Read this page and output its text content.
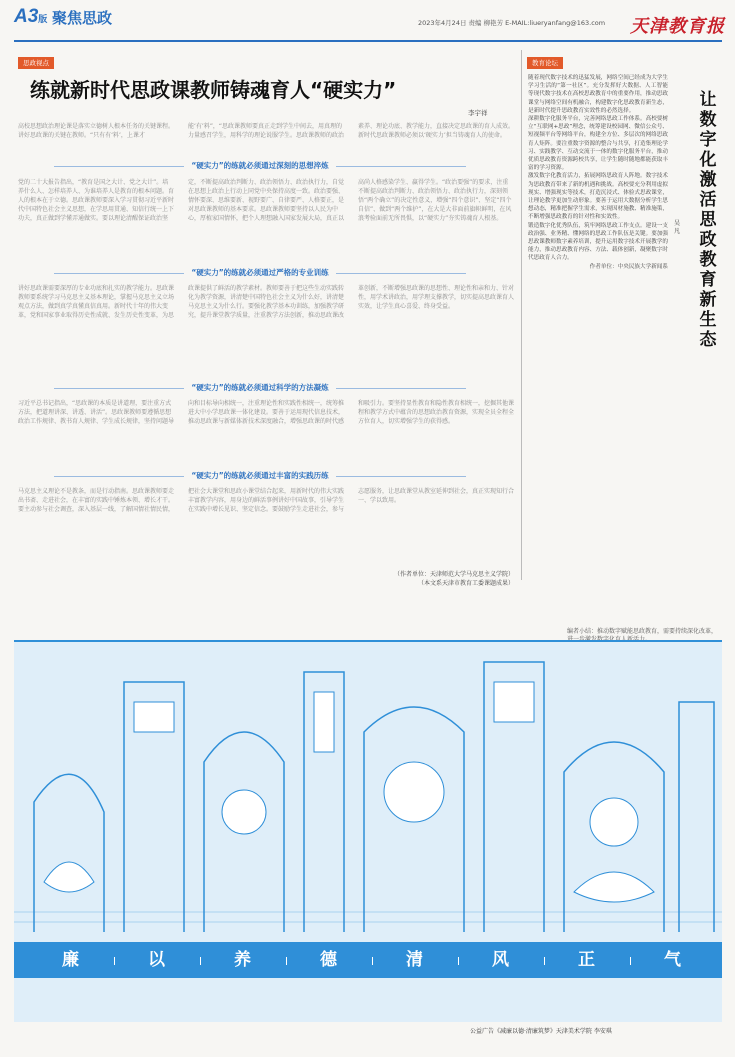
A3版 聚焦思政	2023年4月24日 责编 柳艳芳 E-MAIL:liueryanfang@163.com 天津教育报
思政视点
练就新时代思政课教师铸魂育人“硬实力”
李宇祥
高校思想政治理论课是落实立德树人根本任务的关键课程。讲好思政课的关键在教师。“只有有‘料’，上课才能‘有’料”，“思政课教师要真正走到学生中间去，用真理的力量感召学生，用科学的理论说服学生。思政课教师的政治素养、理论功底、教学能力，直接决定思政课的育人成效。新时代思政课教师必须以‘硬实力’担当铸魂育人的使命。
“硬实力”的练就必须通过深刻的思想淬炼
党的二十大报告指出，“教育是国之大计、党之大计”。培养什么人、怎样培养人、为谁培养人是教育的根本问题。育人的根本在于立德。思政课教师要深入学习贯彻习近平新时代中国特色社会主义思想，在学思用贯通、知信行统一上下功夫，真正做到学懂弄通做实。要以理论清醒保证政治坚定，不断提高政治判断力、政治领悟力、政治执行力，自觉在思想上政治上行动上同党中央保持高度一致。政治要强、情怀要深、思维要新、视野要广、自律要严、人格要正，是对思政课教师的基本要求。思政课教师要坚持以人民为中心，厚植家国情怀，把个人理想融入国家发展大局，真正以高尚人格感染学生、赢得学生。“政治要强”的要求，注重不断提高政治判断力、政治领悟力、政治执行力，深刻领悟“两个确立”的决定性意义，增强“四个意识”、坚定“四个自信”、做到“两个维护”，在大是大非面前旗帜鲜明，在风浪考验面前无所畏惧，以“硬实力”夯实铸魂育人根基。
“硬实力”的练就必须通过严格的专业训练
讲好思政课需要深厚的专业功底和扎实的教学能力。思政课教师要系统学习马克思主义基本理论，掌握马克思主义立场观点方法，做到真学真懂真信真用。新时代十年的伟大变革，党和国家事业取得历史性成就、发生历史性变革，为思政课提供了鲜活的教学素材。教师要善于把这些生动实践转化为教学资源，讲清楚中国特色社会主义为什么好，讲清楚马克思主义为什么行。要强化教学基本功训练，加强教学研究，提升课堂教学质量，注重教学方法创新，推动思政课改革创新，不断增强思政课的思想性、理论性和亲和力、针对性，用学术讲政治，用学理支撑教学，切实提高思政课育人实效，让学生真心喜爱、终身受益。
“硬实力”的练就必须通过科学的方法凝炼
习近平总书记指出，“思政课的本质是讲道理，要注重方式方法，把道理讲深、讲透、讲活”。思政课教师要遵循思想政治工作规律、教书育人规律、学生成长规律，坚持问题导向和目标导向相统一，注重理论性和实践性相统一，统筹推进大中小学思政课一体化建设。要善于运用现代信息技术，推动思政课与新媒体新技术深度融合，增强思政课的时代感和吸引力。要坚持显性教育和隐性教育相统一，挖掘其他课程和教学方式中蕴含的思想政治教育资源，实现全员全程全方位育人，切实增强学生的获得感。
“硬实力”的练就必须通过丰富的实践历练
马克思主义理论不是教条，而是行动指南。思政课教师要走出书斋、走进社会，在丰富的实践中锤炼本领、增长才干。要主动参与社会调查，深入基层一线，了解国情社情民情，把社会大课堂和思政小课堂结合起来，用新时代的伟大实践丰富教学内容，用身边的鲜活事例讲好中国故事，引导学生在实践中增长见识、坚定信念。要鼓励学生走进社会，参与志愿服务，让思政课堂从教室延伸到社会，真正实现知行合一、学以致用。
（作者单位：天津师范大学马克思主义学院）
（本文系天津市教育工委课题成果）
教育论坛
让数字化激活思政教育新生态
吴凡

随着现代数字技术的迅猛发展，网络空间已经成为大学生学习生活的“第一社区”。充分发挥好大数据、人工智能等现代数字技术在高校思政教育中的重要作用，推动思政课堂与网络空间有机融合，构建数字化思政教育新生态，是新时代提升思政教育实效性的必然选择。

深耕数字化服务平台，完善网络思政工作体系。高校要树立“互联网+思政”理念，统筹建设校园网、微信公众号、短视频平台等网络平台，构建全方位、多层次的网络思政育人矩阵。要注重数字资源的整合与共享，打造集理论学习、实践教学、互动交流于一体的数字化服务平台，推动优质思政教育资源跨校共享，让学生随时随地都能获取丰富的学习资源。

激发数字化教育活力，拓展网络思政育人阵地。数字技术为思政教育带来了新的机遇和挑战。高校要充分利用虚拟现实、增强现实等技术，打造沉浸式、体验式思政课堂，让理论教学更加生动形象。要善于运用大数据分析学生思想动态，精准把握学生需求，实现因材施教、精准施策，不断增强思政教育的针对性和实效性。

锻造数字化优秀队伍，筑牢网络思政工作支点。建设一支政治强、业务精、懂网络的思政工作队伍是关键。要加强思政课教师数字素养培训，提升运用数字技术开展教学的能力，推动思政教育内容、方法、载体创新，凝聚数字时代思政育人合力。

作者单位：中央民族大学新闻系

编者小结：推动数字赋能思政教育，需要持续深化改革，
廉	以	养	德	清	风	正	气
公益广告《减廉以德·清廉筑梦》天津美术学院 李安琪
